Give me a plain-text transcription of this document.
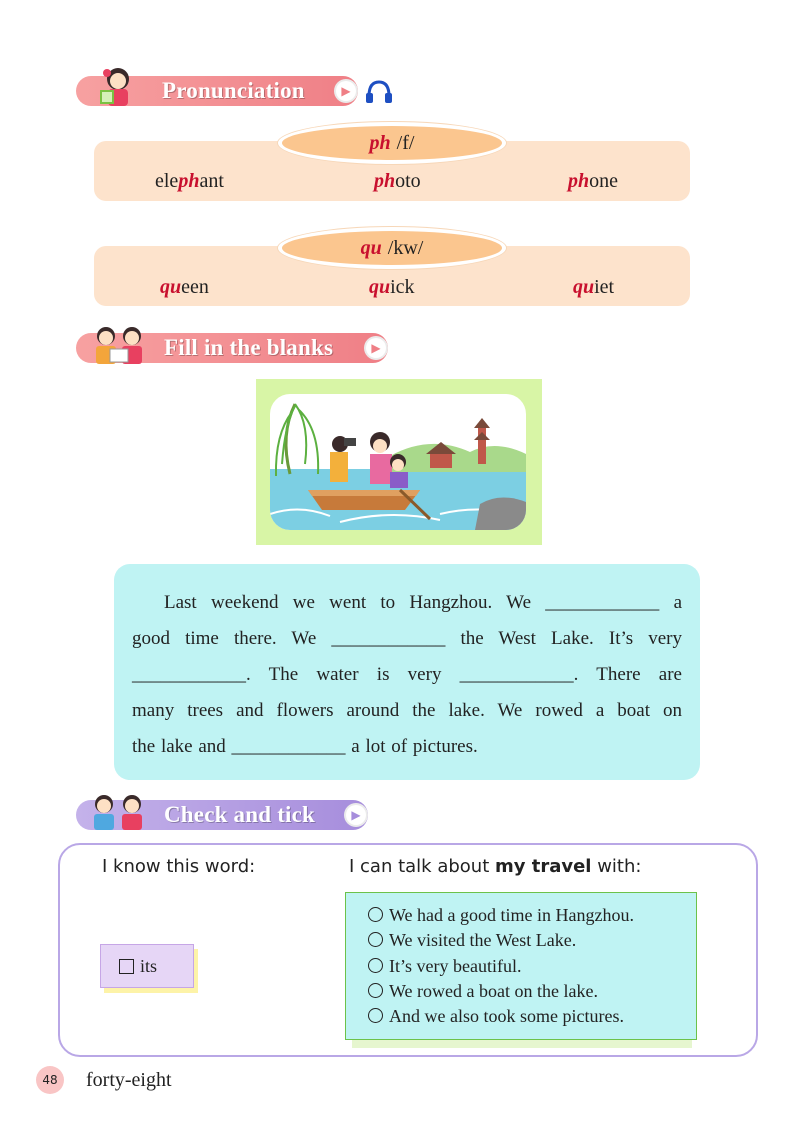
Pronunciation	▶
ph /f/
elephant	photo	phone
qu /kw/
queen	quick	quiet
Fill in the blanks	▶

Last weekend we went to Hangzhou. We ____________ a

good time there. We ____________ the West Lake. It’s very

____________. The water is very ____________. There are

many trees and flowers around the lake. We rowed a boat on

the lake and ____________ a lot of pictures.

Check and tick	▶
I know this word:	I can talk about my travel with:
its
We had a good time in Hangzhou.
We visited the West Lake.
It’s very beautiful.
We rowed a boat on the lake.
And we also took some pictures.
48 forty-eight
